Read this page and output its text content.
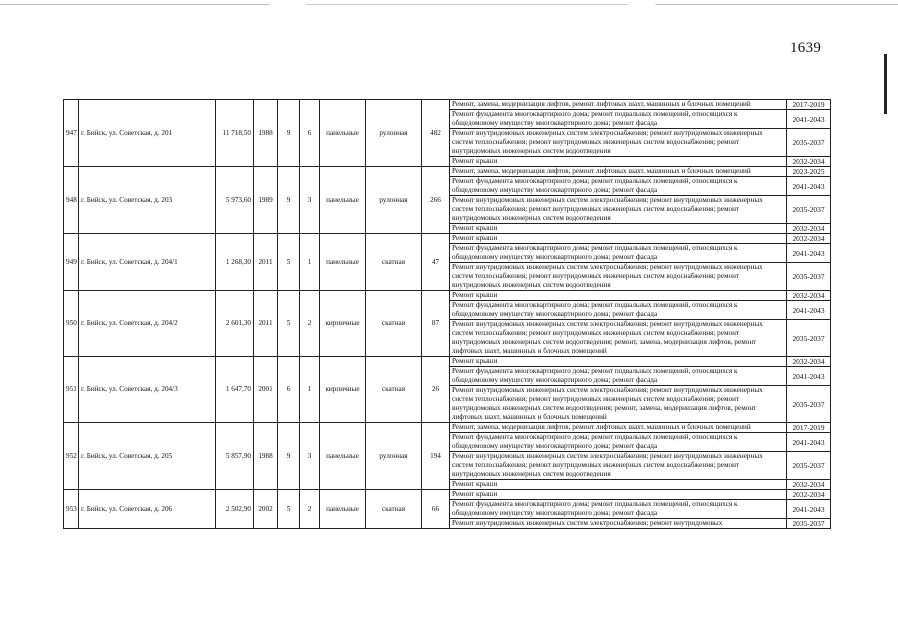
1639
947	г. Бийск, ул. Советская, д. 201	11 718,50	1988	9	6	панельные	рулонная	482	Ремонт, замена, модернизация лифтов, ремонт лифтовых шахт, машинных и блочных помещений	2017-2019
									Ремонт фундамента многоквартирного дома; ремонт подвальных помещений, относящихся к общедомовому имуществу многоквартирного дома; ремонт фасада	2041-2043
									Ремонт внутридомовых инженерных систем электроснабжения; ремонт внутридомовых инженерных систем теплоснабжения; ремонт внутридомовых инженерных систем водоснабжения; ремонт внутридомовых инженерных систем водоотведения	2035-2037
									Ремонт крыши	2032-2034
948	г. Бийск, ул. Советская, д. 203	5 973,60	1989	9	3	панельные	рулонная	266	Ремонт, замена, модернизация лифтов, ремонт лифтовых шахт, машинных и блочных помещений	2023-2025
									Ремонт фундамента многоквартирного дома; ремонт подвальных помещений, относящихся к общедомовому имуществу многоквартирного дома; ремонт фасада	2041-2043
									Ремонт внутридомовых инженерных систем электроснабжения; ремонт внутридомовых инженерных систем теплоснабжения; ремонт внутридомовых инженерных систем водоснабжения; ремонт внутридомовых инженерных систем водоотведения	2035-2037
									Ремонт крыши	2032-2034
949	г. Бийск, ул. Советская, д. 204/1	1 268,30	2011	5	1	панельные	скатная	47	Ремонт крыши	2032-2034
									Ремонт фундамента многоквартирного дома; ремонт подвальных помещений, относящихся к общедомовому имуществу многоквартирного дома; ремонт фасада	2041-2043
									Ремонт внутридомовых инженерных систем электроснабжения; ремонт внутридомовых инженерных систем теплоснабжения; ремонт внутридомовых инженерных систем водоснабжения; ремонт внутридомовых инженерных систем водоотведения	2035-2037
950	г. Бийск, ул. Советская, д. 204/2	2 601,30	2011	5	2	кирпичные	скатная	87	Ремонт крыши	2032-2034
									Ремонт фундамента многоквартирного дома; ремонт подвальных помещений, относящихся к общедомовому имуществу многоквартирного дома; ремонт фасада	2041-2043
									Ремонт внутридомовых инженерных систем электроснабжения; ремонт внутридомовых инженерных систем теплоснабжения; ремонт внутридомовых инженерных систем водоснабжения; ремонт внутридомовых инженерных систем водоотведения; ремонт, замена, модернизация лифтов, ремонт лифтовых шахт, машинных и блочных помещений	2035-2037
951	г. Бийск, ул. Советская, д. 204/3	1 647,70	2001	6	1	кирпичные	скатная	26	Ремонт крыши	2032-2034
									Ремонт фундамента многоквартирного дома; ремонт подвальных помещений, относящихся к общедомовому имуществу многоквартирного дома; ремонт фасада	2041-2043
									Ремонт внутридомовых инженерных систем электроснабжения; ремонт внутридомовых инженерных систем теплоснабжения; ремонт внутридомовых инженерных систем водоснабжения; ремонт внутридомовых инженерных систем водоотведения; ремонт, замена, модернизация лифтов, ремонт лифтовых шахт, машинных и блочных помещений	2035-2037
952	г. Бийск, ул. Советская, д. 205	5 857,90	1988	9	3	панельные	рулонная	194	Ремонт, замена, модернизация лифтов, ремонт лифтовых шахт, машинных и блочных помещений	2017-2019
									Ремонт фундамента многоквартирного дома; ремонт подвальных помещений, относящихся к общедомовому имуществу многоквартирного дома; ремонт фасада	2041-2043
									Ремонт внутридомовых инженерных систем электроснабжения; ремонт внутридомовых инженерных систем теплоснабжения; ремонт внутридомовых инженерных систем водоснабжения; ремонт внутридомовых инженерных систем водоотведения	2035-2037
									Ремонт крыши	2032-2034
953	г. Бийск, ул. Советская, д. 206	2 502,90	2002	5	2	панельные	скатная	66	Ремонт крыши	2032-2034
									Ремонт фундамента многоквартирного дома; ремонт подвальных помещений, относящихся к общедомовому имуществу многоквартирного дома; ремонт фасада	2041-2043
									Ремонт внутридомовых инженерных систем электроснабжения; ремонт внутридомовых	2035-2037
